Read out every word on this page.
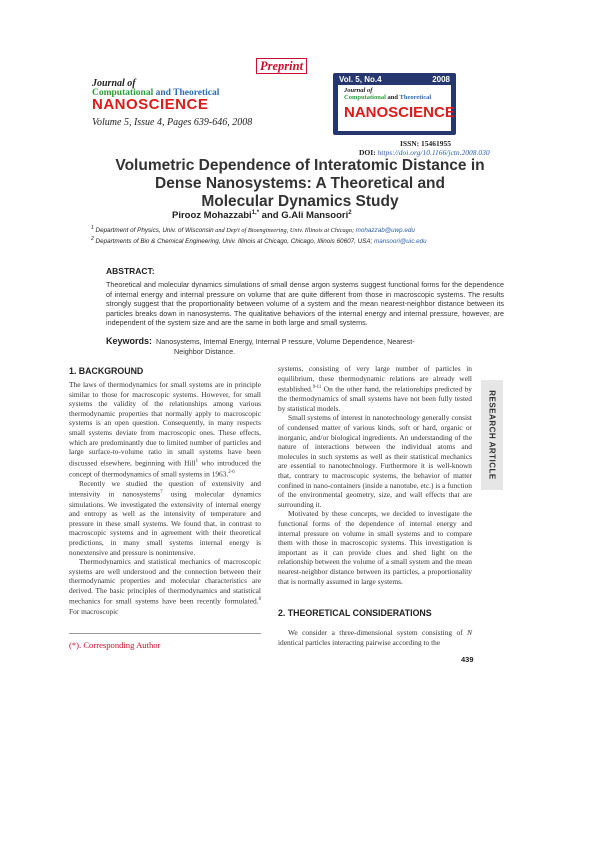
Journal of
Computational and Theoretical
NANOSCIENCE
Volume 5, Issue 4, Pages 639-646, 2008
Preprint
Vol. 5, No.4	2008
Journal of
Computational and Theoretical
NANOSCIENCE
ISSN: 15461955
DOI: https://doi.org/10.1166/jctn.2008.030
Volumetric Dependence of Interatomic Distance in
Dense Nanosystems: A Theoretical and
Molecular Dynamics Study
Pirooz Mohazzabi$^{1,*}$ and G.Ali Mansoori$^2$
$^1$ Department of Physics, Univ. of Wisconsin and Dep't of Bioengineering, Univ. Illinois at Chicago; mohazzab@uwp.edu
$^2$ Departments of Bio & Chemical Engineering, Univ. Illinois at Chicago, Chicago, Illinois 60607, USA; mansoori@uic.edu
ABSTRACT:
Theoretical and molecular dynamics simulations of small dense argon systems suggest functional forms for the dependence of internal energy and internal pressure on volume that are quite different from those in macroscopic systems. The results strongly suggest that the proportionality between volume of a system and the mean nearest-neighbor distance between its particles breaks down in nanosystems. The qualitative behaviors of the internal energy and internal pressure, however, are independent of the system size and are the same in both large and small systems.
Keywords: Nanosystems, Internal Energy, Internal P ressure, Volume Dependence, Nearest-
Neighbor Distance.
1. BACKGROUND

The laws of thermodynamics for small systems are in principle similar to those for macroscopic systems. However, for small systems the validity of the relationships among various thermodynamic properties that normally apply to macroscopic systems is an open question. Consequently, in many respects small systems deviate from macroscopic ones. These effects, which are predominantly due to limited number of particles and large surface-to-volume ratio in small systems have been discussed elsewhere, beginning with Hill$^1$ who introduced the concept of thermodynamics of small systems in 1963.$^{2-6}$

Recently we studied the question of extensivity and intensivity in nanosystems$^7$ using molecular dynamics simulations. We investigated the extensivity of internal energy and entropy as well as the intensivity of temperature and pressure in these small systems. We found that, in contrast to macroscopic systems and in agreement with their theoretical predictions, in many small systems internal energy is nonextensive and pressure is nonintensive.

Thermodynamics and statistical mechanics of macroscopic systems are well understood and the connection between their thermodynamic properties and molecular characteristics are derived. The basic principles of thermodynamics and statistical mechanics for small systems have been recently formulated.$^8$ For macroscopic

(*). Corresponding Author

systems, consisting of very large number of particles in equilibrium, these thermodynamic relations are already well established.$^{9-11}$ On the other hand, the relationships predicted by the thermodynamics of small systems have not been fully tested by statistical models.

Small systems of interest in nanotechnology generally consist of condensed matter of various kinds, soft or hard, organic or inorganic, and/or biological ingredients. An understanding of the nature of interactions between the individual atoms and molecules in such systems as well as their statistical mechanics are essential to nanotechnology. Furthermore it is well-known that, contrary to macroscopic systems, the behavior of matter confined in nano-containers (inside a nanotube, etc.) is a function of the environmental geometry, size, and wall effects that are surrounding it.

Motivated by these concepts, we decided to investigate the functional forms of the dependence of internal energy and internal pressure on volume in small systems and to compare them with those in macroscopic systems. This investigation is important as it can provide clues and shed light on the relationship between the volume of a small system and the mean nearest-neighbor distance between its particles, a proportionality that is normally assumed in large systems.

2. THEORETICAL CONSIDERATIONS

We consider a three-dimensional system consisting of N identical particles interacting pairwise according to the

439
RESEARCH ARTICLE
